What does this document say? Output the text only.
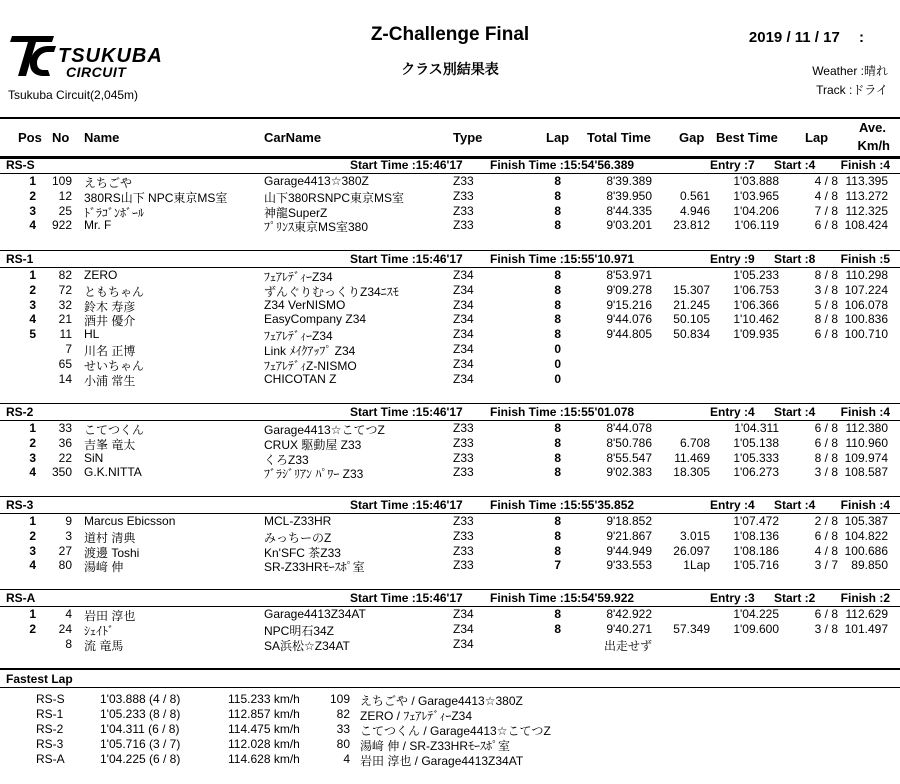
TSUKUBA
CIRCUIT
Tsukuba Circuit(2,045m)
Z-Challenge Final
クラス別結果表
2019 / 11 / 17　 :
Weather :晴れ
Track :ドライ
Pos No Name	CarName	Type	Lap Total Time Gap Best Time Lap
Ave.
Km/h
RS-S	Start Time :15:46'17 Finish Time :15:54'56.389	Entry :7 Start :4 Finish :4
1 109 えちごや	Garage4413☆380Z	Z33	8	8'39.389	1'03.888	4 / 8 113.395
2 12 380RS山下 NPC東京MS室	山下380RSNPC東京MS室	Z33	8	8'39.950 0.561 1'03.965	4 / 8 113.272
3 25 ﾄﾞﾗｺﾞﾝﾎﾞｰﾙ	神龍SuperZ	Z33	8	8'44.335 4.946 1'04.206	7 / 8 112.325
4 922 Mr. F	ﾌﾟﾘﾝｽ東京MS室380	Z33	8	9'03.201 23.812 1'06.119	6 / 8 108.424
RS-1	Start Time :15:46'17 Finish Time :15:55'10.971	Entry :9 Start :8 Finish :5
1 82 ZERO	ﾌｪｱﾚﾃﾞｨｰZ34	Z34	8	8'53.971	1'05.233	8 / 8 110.298
2 72 ともちゃん	ずんぐりむっくりZ34ﾆｽﾓ	Z34	8	9'09.278 15.307 1'06.753	3 / 8 107.224
3 32 鈴木 寿彦	Z34 VerNISMO	Z34	8	9'15.216 21.245 1'06.366	5 / 8 106.078
4 21 酒井 優介	EasyCompany Z34	Z34	8	9'44.076 50.105 1'10.462	8 / 8 100.836
5 11 HL	ﾌｪｱﾚﾃﾞｨｰZ34	Z34	8	9'44.805 50.834 1'09.935	6 / 8 100.710
7 川名 正博	Link ﾒｲｸｱｯﾌﾟ Z34	Z34	0
65 せいちゃん	ﾌｪｱﾚﾃﾞｨZ-NISMO	Z34	0
14 小浦 常生	CHICOTAN Z	Z34	0
RS-2	Start Time :15:46'17 Finish Time :15:55'01.078	Entry :4 Start :4 Finish :4
1 33 こてつくん	Garage4413☆こてつZ	Z33	8	8'44.078	1'04.311	6 / 8 112.380
2 36 吉峯 竜太	CRUX 駆動屋 Z33	Z33	8	8'50.786 6.708 1'05.138	6 / 8 110.960
3 22 SiN	くろZ33	Z33	8	8'55.547 11.469 1'05.333	8 / 8 109.974
4 350 G.K.NITTA	ﾌﾞﾗｼﾞﾘｱﾝ ﾊﾟﾜｰ Z33	Z33	8	9'02.383 18.305 1'06.273	3 / 8 108.587
RS-3	Start Time :15:46'17 Finish Time :15:55'35.852	Entry :4 Start :4 Finish :4
1 9 Marcus Ebicsson	MCL-Z33HR	Z33	8	9'18.852	1'07.472	2 / 8 105.387
2 3 道村 清典	みっちーのZ	Z33	8	9'21.867 3.015 1'08.136	6 / 8 104.822
3 27 渡邊 Toshi	Kn'SFC 茶Z33	Z33	8	9'44.949 26.097 1'08.186	4 / 8 100.686
4 80 湯﨑 伸	SR-Z33HRﾓｰｽﾎﾟ室	Z33	7	9'33.553	1Lap 1'05.716	3 / 7 89.850
RS-A	Start Time :15:46'17 Finish Time :15:54'59.922	Entry :3 Start :2 Finish :2
1 4 岩田 淳也	Garage4413Z34AT	Z34	8	8'42.922	1'04.225	6 / 8 112.629
2 24 ｼｪｲﾄﾞ	NPC明石34Z	Z34	8	9'40.271 57.349 1'09.600	3 / 8 101.497
8 流 竜馬	SA浜松☆Z34AT	Z34	出走せず
Fastest Lap
RS-S	1'03.888 (4 / 8)	115.233 km/h	109 えちごや / Garage4413☆380Z
RS-1	1'05.233 (8 / 8)	112.857 km/h	82 ZERO / ﾌｪｱﾚﾃﾞｨｰZ34
RS-2	1'04.311 (6 / 8)	114.475 km/h	33 こてつくん / Garage4413☆こてつZ
RS-3	1'05.716 (3 / 7)	112.028 km/h	80 湯﨑 伸 / SR-Z33HRﾓｰｽﾎﾟ室
RS-A	1'04.225 (6 / 8)	114.628 km/h	4 岩田 淳也 / Garage4413Z34AT
